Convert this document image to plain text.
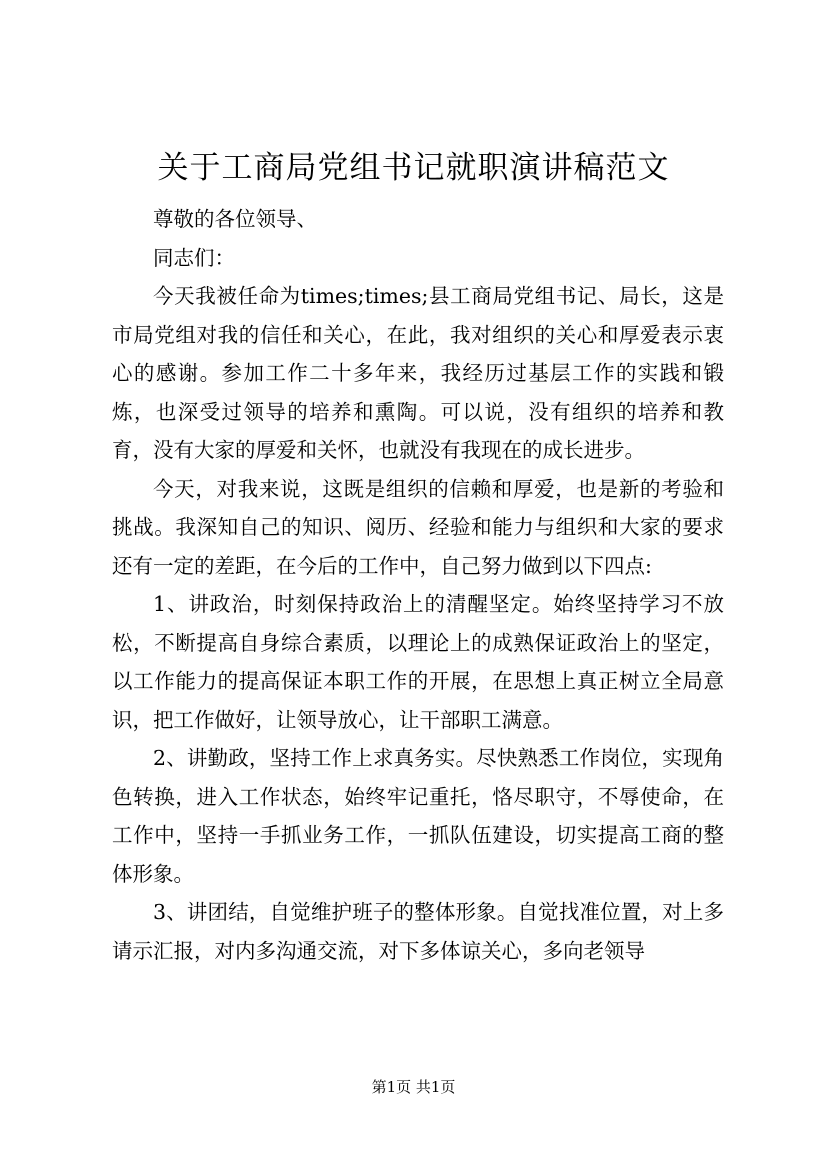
关于工商局党组书记就职演讲稿范文

尊敬的各位领导、

同志们：

今天我被任命为times;times;县工商局党组书记、局长，这是市局党组对我的信任和关心，在此，我对组织的关心和厚爱表示衷心的感谢。参加工作二十多年来，我经历过基层工作的实践和锻炼，也深受过领导的培养和熏陶。可以说，没有组织的培养和教育，没有大家的厚爱和关怀，也就没有我现在的成长进步。

今天，对我来说，这既是组织的信赖和厚爱，也是新的考验和挑战。我深知自己的知识、阅历、经验和能力与组织和大家的要求还有一定的差距，在今后的工作中，自己努力做到以下四点:

1、讲政治，时刻保持政治上的清醒坚定。始终坚持学习不放松，不断提高自身综合素质，以理论上的成熟保证政治上的坚定，以工作能力的提高保证本职工作的开展，在思想上真正树立全局意识，把工作做好，让领导放心，让干部职工满意。

2、讲勤政，坚持工作上求真务实。尽快熟悉工作岗位，实现角色转换，进入工作状态，始终牢记重托，恪尽职守，不辱使命，在工作中，坚持一手抓业务工作，一抓队伍建设，切实提高工商的整体形象。

3、讲团结，自觉维护班子的整体形象。自觉找准位置，对上多请示汇报，对内多沟通交流，对下多体谅关心，多向老领导

第1页 共1页
